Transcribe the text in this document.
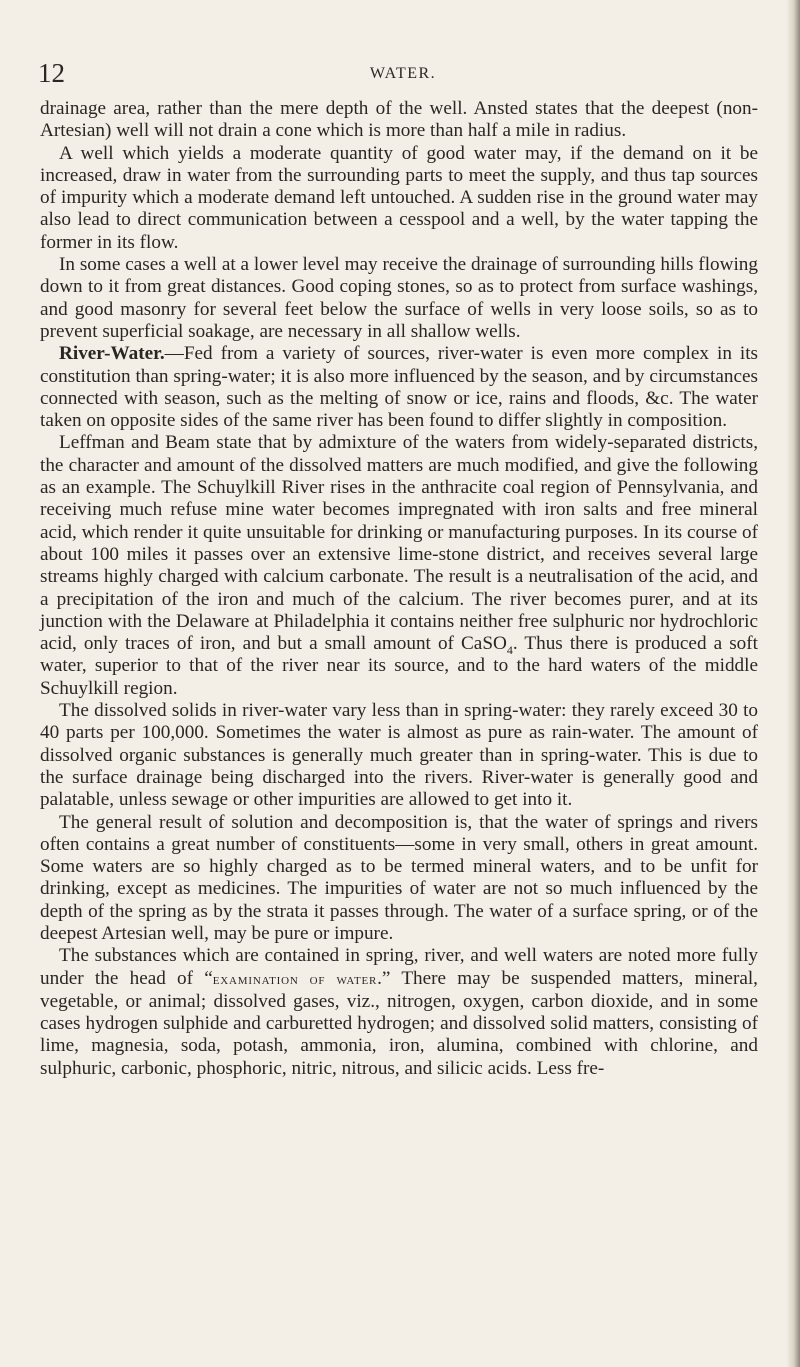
12	WATER.

drainage area, rather than the mere depth of the well. Ansted states that the deepest (non-Artesian) well will not drain a cone which is more than half a mile in radius.

A well which yields a moderate quantity of good water may, if the demand on it be increased, draw in water from the surrounding parts to meet the supply, and thus tap sources of impurity which a moderate demand left untouched. A sudden rise in the ground water may also lead to direct communication between a cesspool and a well, by the water tapping the former in its flow.

In some cases a well at a lower level may receive the drainage of surrounding hills flowing down to it from great distances. Good coping stones, so as to protect from surface washings, and good masonry for several feet below the surface of wells in very loose soils, so as to prevent superficial soakage, are necessary in all shallow wells.

River-Water.—Fed from a variety of sources, river-water is even more complex in its constitution than spring-water; it is also more influenced by the season, and by circumstances connected with season, such as the melting of snow or ice, rains and floods, &c. The water taken on opposite sides of the same river has been found to differ slightly in composition.

Leffman and Beam state that by admixture of the waters from widely-separated districts, the character and amount of the dissolved matters are much modified, and give the following as an example. The Schuylkill River rises in the anthracite coal region of Pennsylvania, and receiving much refuse mine water becomes impregnated with iron salts and free mineral acid, which render it quite unsuitable for drinking or manufacturing purposes. In its course of about 100 miles it passes over an extensive lime-stone district, and receives several large streams highly charged with calcium carbonate. The result is a neutralisation of the acid, and a precipitation of the iron and much of the calcium. The river becomes purer, and at its junction with the Delaware at Philadelphia it contains neither free sulphuric nor hydrochloric acid, only traces of iron, and but a small amount of CaSO$_4$. Thus there is produced a soft water, superior to that of the river near its source, and to the hard waters of the middle Schuylkill region.

The dissolved solids in river-water vary less than in spring-water: they rarely exceed 30 to 40 parts per 100,000. Sometimes the water is almost as pure as rain-water. The amount of dissolved organic substances is generally much greater than in spring-water. This is due to the surface drainage being discharged into the rivers. River-water is generally good and palatable, unless sewage or other impurities are allowed to get into it.

The general result of solution and decomposition is, that the water of springs and rivers often contains a great number of constituents—some in very small, others in great amount. Some waters are so highly charged as to be termed mineral waters, and to be unfit for drinking, except as medicines. The impurities of water are not so much influenced by the depth of the spring as by the strata it passes through. The water of a surface spring, or of the deepest Artesian well, may be pure or impure.

The substances which are contained in spring, river, and well waters are noted more fully under the head of “examination of water.” There may be suspended matters, mineral, vegetable, or animal; dissolved gases, viz., nitrogen, oxygen, carbon dioxide, and in some cases hydrogen sulphide and carburetted hydrogen; and dissolved solid matters, consisting of lime, magnesia, soda, potash, ammonia, iron, alumina, combined with chlorine, and sulphuric, carbonic, phosphoric, nitric, nitrous, and silicic acids. Less fre-
